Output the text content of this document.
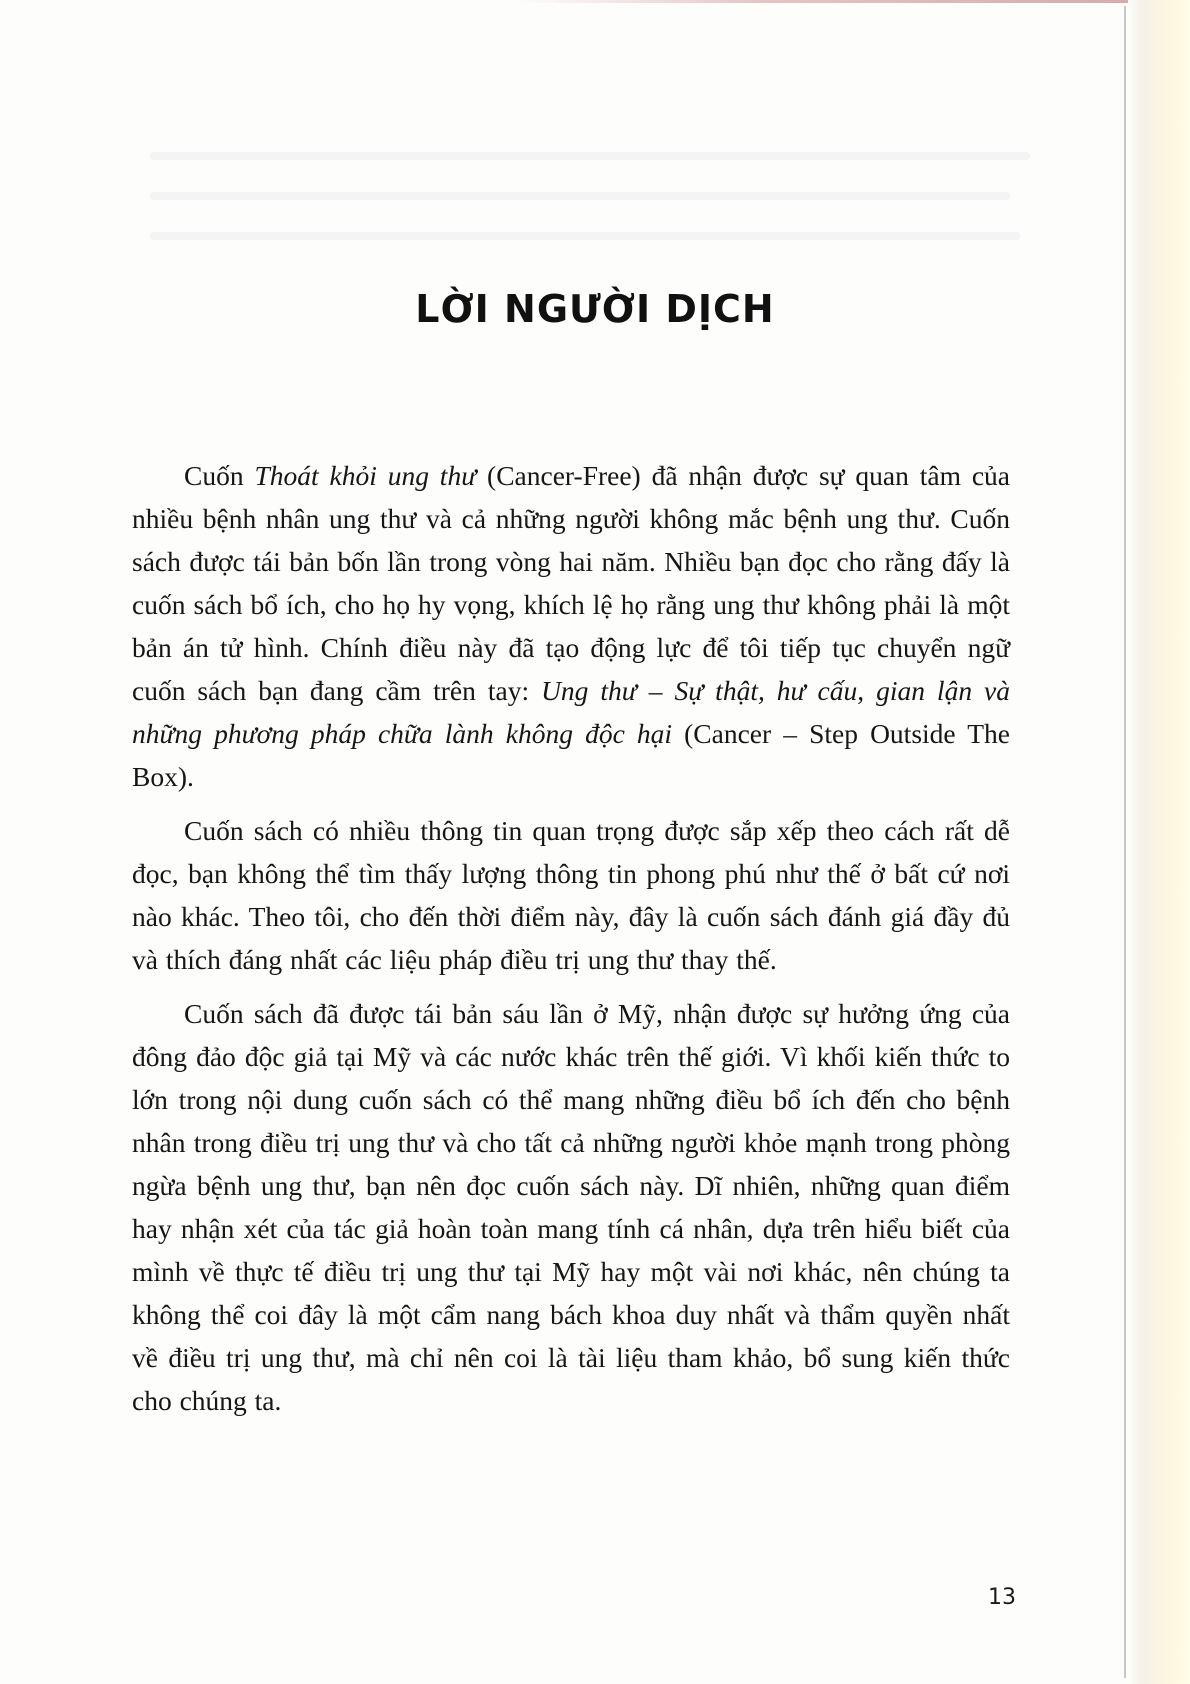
LỜI NGƯỜI DỊCH

Cuốn Thoát khỏi ung thư (Cancer-Free) đã nhận được sự quan tâm của nhiều bệnh nhân ung thư và cả những người không mắc bệnh ung thư. Cuốn sách được tái bản bốn lần trong vòng hai năm. Nhiều bạn đọc cho rằng đấy là cuốn sách bổ ích, cho họ hy vọng, khích lệ họ rằng ung thư không phải là một bản án tử hình. Chính điều này đã tạo động lực để tôi tiếp tục chuyển ngữ cuốn sách bạn đang cầm trên tay: Ung thư – Sự thật, hư cấu, gian lận và những phương pháp chữa lành không độc hại (Cancer – Step Outside The Box).

Cuốn sách có nhiều thông tin quan trọng được sắp xếp theo cách rất dễ đọc, bạn không thể tìm thấy lượng thông tin phong phú như thế ở bất cứ nơi nào khác. Theo tôi, cho đến thời điểm này, đây là cuốn sách đánh giá đầy đủ và thích đáng nhất các liệu pháp điều trị ung thư thay thế.

Cuốn sách đã được tái bản sáu lần ở Mỹ, nhận được sự hưởng ứng của đông đảo độc giả tại Mỹ và các nước khác trên thế giới. Vì khối kiến thức to lớn trong nội dung cuốn sách có thể mang những điều bổ ích đến cho bệnh nhân trong điều trị ung thư và cho tất cả những người khỏe mạnh trong phòng ngừa bệnh ung thư, bạn nên đọc cuốn sách này. Dĩ nhiên, những quan điểm hay nhận xét của tác giả hoàn toàn mang tính cá nhân, dựa trên hiểu biết của mình về thực tế điều trị ung thư tại Mỹ hay một vài nơi khác, nên chúng ta không thể coi đây là một cẩm nang bách khoa duy nhất và thẩm quyền nhất về điều trị ung thư, mà chỉ nên coi là tài liệu tham khảo, bổ sung kiến thức cho chúng ta.

13
